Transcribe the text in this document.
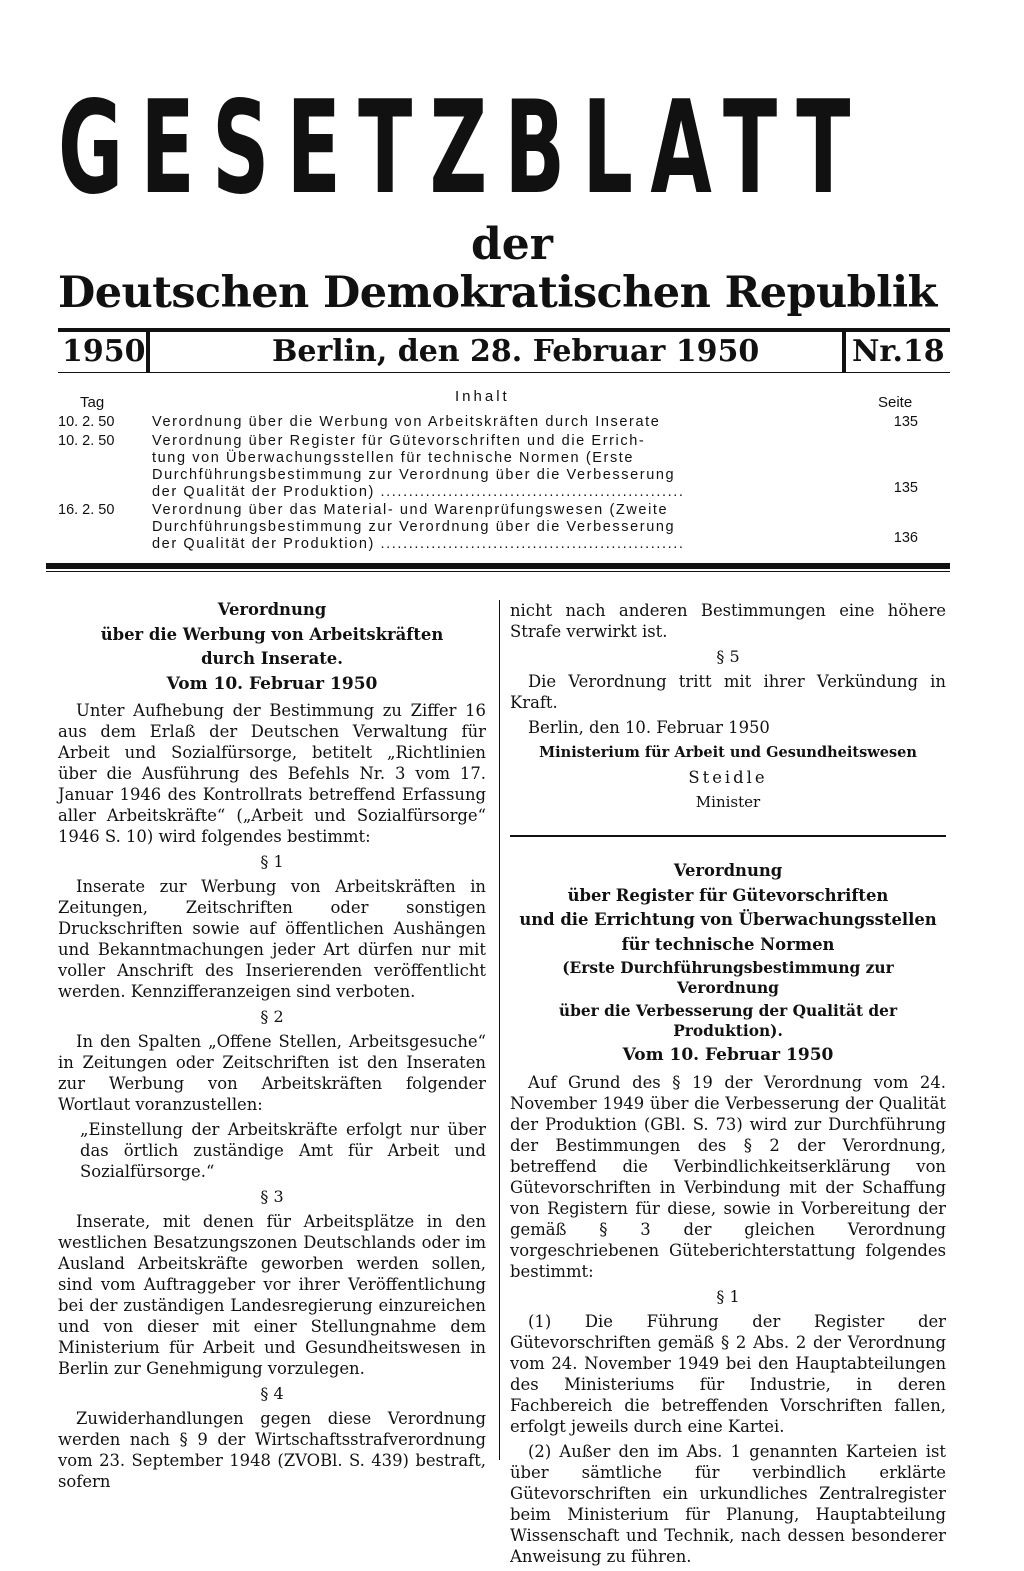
GESETZBLATT
der
Deutschen Demokratischen Republik
1950	Berlin, den 28. Februar 1950	Nr.18
Tag	Inhalt	Seite
10. 2. 50	Verordnung über die Werbung von Arbeitskräften durch Inserate	135
10. 2. 50	Verordnung über Register für Gütevorschriften und die Errich-
tung von Überwachungsstellen für technische Normen (Erste
Durchführungsbestimmung zur Verordnung über die Verbesserung
der Qualität der Produktion) ......................................................	135
16. 2. 50	Verordnung über das Material- und Warenprüfungswesen (Zweite
Durchführungsbestimmung zur Verordnung über die Verbesserung
der Qualität der Produktion) ......................................................	136

Verordnung

über die Werbung von Arbeitskräften

durch Inserate.

Vom 10. Februar 1950

Unter Aufhebung der Bestimmung zu Ziffer 16 aus dem Erlaß der Deutschen Verwaltung für Arbeit und Sozialfürsorge, betitelt „Richtlinien über die Ausführung des Befehls Nr. 3 vom 17. Januar 1946 des Kontrollrats betreffend Erfassung aller Arbeitskräfte“ („Arbeit und Sozialfürsorge“ 1946 S. 10) wird folgendes bestimmt:

§ 1

Inserate zur Werbung von Arbeitskräften in Zeitungen, Zeitschriften oder sonstigen Druckschriften sowie auf öffentlichen Aushängen und Bekanntmachungen jeder Art dürfen nur mit voller Anschrift des Inserierenden veröffentlicht werden. Kennzifferanzeigen sind verboten.

§ 2

In den Spalten „Offene Stellen, Arbeitsgesuche“ in Zeitungen oder Zeitschriften ist den Inseraten zur Werbung von Arbeitskräften folgender Wortlaut voranzustellen:

„Einstellung der Arbeitskräfte erfolgt nur über das örtlich zuständige Amt für Arbeit und Sozialfürsorge.“

§ 3

Inserate, mit denen für Arbeitsplätze in den westlichen Besatzungszonen Deutschlands oder im Ausland Arbeitskräfte geworben werden sollen, sind vom Auftraggeber vor ihrer Veröffentlichung bei der zuständigen Landesregierung einzureichen und von dieser mit einer Stellungnahme dem Ministerium für Arbeit und Gesundheitswesen in Berlin zur Genehmigung vorzulegen.

§ 4

Zuwiderhandlungen gegen diese Verordnung werden nach § 9 der Wirtschaftsstrafverordnung vom 23. September 1948 (ZVOBl. S. 439) bestraft, sofern

nicht nach anderen Bestimmungen eine höhere Strafe verwirkt ist.

§ 5

Die Verordnung tritt mit ihrer Verkündung in Kraft.

Berlin, den 10. Februar 1950

Ministerium für Arbeit und Gesundheitswesen

Steidle

Minister

Verordnung

über Register für Gütevorschriften

und die Errichtung von Überwachungsstellen

für technische Normen

(Erste Durchführungsbestimmung zur Verordnung

über die Verbesserung der Qualität der Produktion).

Vom 10. Februar 1950

Auf Grund des § 19 der Verordnung vom 24. November 1949 über die Verbesserung der Qualität der Produktion (GBl. S. 73) wird zur Durchführung der Bestimmungen des § 2 der Verordnung, betreffend die Verbindlichkeitserklärung von Gütevorschriften in Verbindung mit der Schaffung von Registern für diese, sowie in Vorbereitung der gemäß § 3 der gleichen Verordnung vorgeschriebenen Güteberichterstattung folgendes bestimmt:

§ 1

(1) Die Führung der Register der Gütevorschriften gemäß § 2 Abs. 2 der Verordnung vom 24. November 1949 bei den Hauptabteilungen des Ministeriums für Industrie, in deren Fachbereich die betreffenden Vorschriften fallen, erfolgt jeweils durch eine Kartei.

(2) Außer den im Abs. 1 genannten Karteien ist über sämtliche für verbindlich erklärte Gütevorschriften ein urkundliches Zentralregister beim Ministerium für Planung, Hauptabteilung Wissenschaft und Technik, nach dessen besonderer Anweisung zu führen.
